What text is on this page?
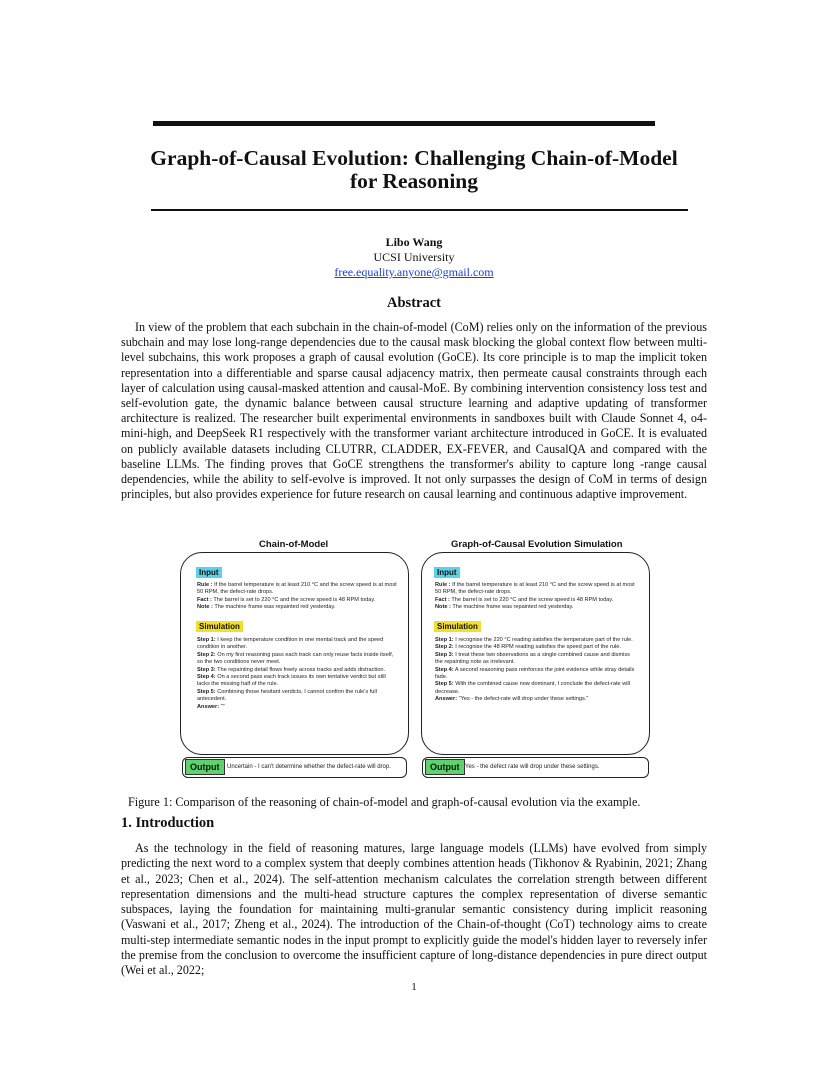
Graph-of-Causal Evolution: Challenging Chain-of-Model
for Reasoning
Libo Wang
UCSI University
free.equality.anyone@gmail.com
Abstract

In view of the problem that each subchain in the chain-of-model (CoM) relies only on the information of the previous subchain and may lose long-range dependencies due to the causal mask blocking the global context flow between multi-level subchains, this work proposes a graph of causal evolution (GoCE). Its core principle is to map the implicit token representation into a differentiable and sparse causal adjacency matrix, then permeate causal constraints through each layer of calculation using causal-masked attention and causal-MoE. By combining intervention consistency loss test and self-evolution gate, the dynamic balance between causal structure learning and adaptive updating of transformer architecture is realized. The researcher built experimental environments in sandboxes built with Claude Sonnet 4, o4-mini-high, and DeepSeek R1 respectively with the transformer variant architecture introduced in GoCE. It is evaluated on publicly available datasets including CLUTRR, CLADDER, EX-FEVER, and CausalQA and compared with the baseline LLMs. The finding proves that GoCE strengthens the transformer's ability to capture long -range causal dependencies, while the ability to self-evolve is improved. It not only surpasses the design of CoM in terms of design principles, but also provides experience for future research on causal learning and continuous adaptive improvement.

Chain-of-Model
Input

Rule : If the barrel temperature is at least 210 °C and the screw speed is at most 50 RPM, the defect-rate drops.
Fact : The barrel is set to 220 °C and the screw speed is 48 RPM today.
Note : The machine frame was repainted red yesterday.

Simulation

Step 1: I keep the temperature condition in one mental track and the speed condition in another.
Step 2: On my first reasoning pass each track can only reuse facts inside itself, so the two conditions never meet.
Step 3: The repainting detail flows freely across tracks and adds distraction.
Step 4: On a second pass each track issues its own tentative verdict but still lacks the missing half of the rule.
Step 5: Combining those hesitant verdicts, I cannot confirm the rule's full antecedent.
Answer: ""

Output	Uncertain - I can't determine whether the defect-rate will drop.
Graph-of-Causal Evolution Simulation
Input

Rule : If the barrel temperature is at least 210 °C and the screw speed is at most 50 RPM, the defect-rate drops.
Fact : The barrel is set to 220 °C and the screw speed is 48 RPM today.
Note : The machine frame was repainted red yesterday.

Simulation

Step 1: I recognise the 220 °C reading satisfies the temperature part of the rule.
Step 2: I recognise the 48 RPM reading satisfies the speed part of the rule.
Step 3: I treat these two observations as a single combined cause and dismiss the repainting note as irrelevant.
Step 4: A second reasoning pass reinforces the joint evidence while stray details fade.
Step 5: With the combined cause now dominant, I conclude the defect-rate will decrease.
Answer: "Yes - the defect-rate will drop under these settings."

Output Yes - the defect rate will drop under these settings.
Figure 1: Comparison of the reasoning of chain-of-model and graph-of-causal evolution via the example.
1. Introduction

As the technology in the field of reasoning matures, large language models (LLMs) have evolved from simply predicting the next word to a complex system that deeply combines attention heads (Tikhonov & Ryabinin, 2021; Zhang et al., 2023; Chen et al., 2024). The self-attention mechanism calculates the correlation strength between different representation dimensions and the multi-head structure captures the complex representation of diverse semantic subspaces, laying the foundation for maintaining multi-granular semantic consistency during implicit reasoning (Vaswani et al., 2017; Zheng et al., 2024). The introduction of the Chain-of-thought (CoT) technology aims to create multi-step intermediate semantic nodes in the input prompt to explicitly guide the model's hidden layer to reversely infer the premise from the conclusion to overcome the insufficient capture of long-distance dependencies in pure direct output (Wei et al., 2022;

1
